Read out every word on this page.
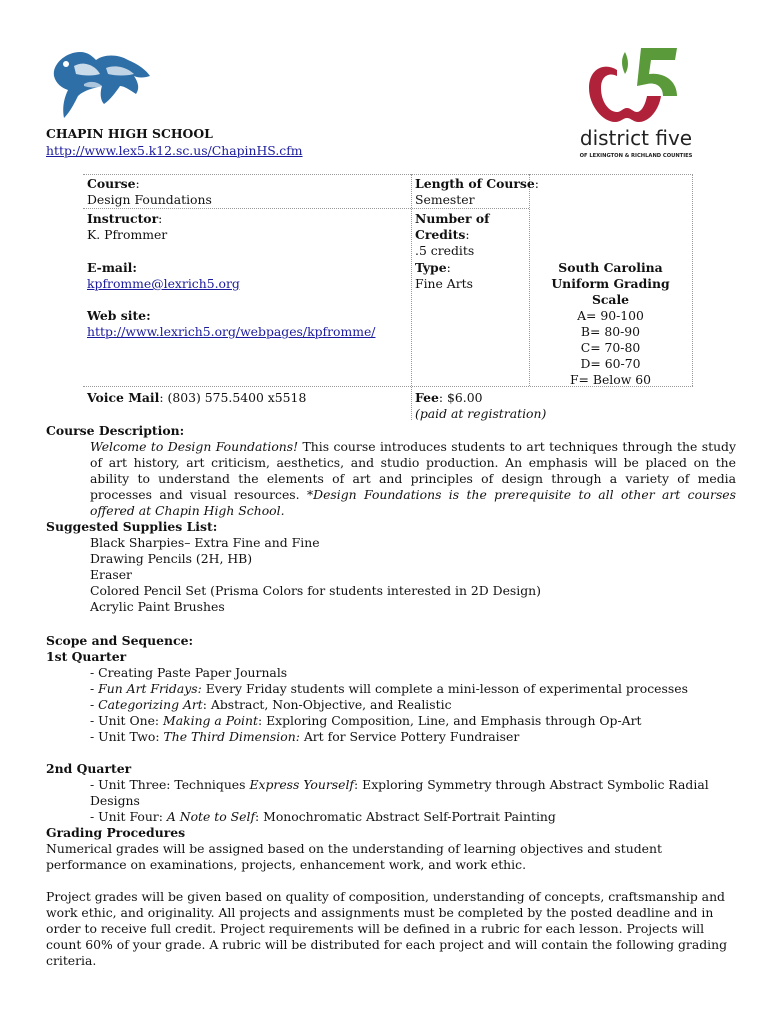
district five
OF LEXINGTON & RICHLAND COUNTIES
CHAPIN HIGH SCHOOL
http://www.lex5.k12.sc.us/ChapinHS.cfm
Course:
Design Foundations
Instructor:
K. Pfrommer
E-mail:
kpfromme@lexrich5.org
Web site:
http://www.lexrich5.org/webpages/kpfromme/
Voice Mail: (803) 575.5400 x5518
Length of Course:
Semester
Number of
Credits:
.5 credits
Type:
Fine Arts
Fee: $6.00
(paid at registration)
South Carolina
Uniform Grading
Scale
A= 90-100
B= 80-90
C= 70-80
D= 60-70
F= Below 60
Course Description:

Welcome to Design Foundations! This course introduces students to art techniques through the study of art history, art criticism, aesthetics, and studio production. An emphasis will be placed on the ability to understand the elements of art and principles of design through a variety of media processes and visual resources. *Design Foundations is the prerequisite to all other art courses offered at Chapin High School.

Suggested Supplies List:
Black Sharpies– Extra Fine and Fine
Drawing Pencils (2H, HB)
Eraser
Colored Pencil Set (Prisma Colors for students interested in 2D Design)
Acrylic Paint Brushes
Scope and Sequence:
1st Quarter
- Creating Paste Paper Journals
- Fun Art Fridays: Every Friday students will complete a mini-lesson of experimental processes
- Categorizing Art: Abstract, Non-Objective, and Realistic
- Unit One: Making a Point: Exploring Composition, Line, and Emphasis through Op-Art
- Unit Two: The Third Dimension: Art for Service Pottery Fundraiser
2nd Quarter
- Unit Three: Techniques Express Yourself: Exploring Symmetry through Abstract Symbolic Radial Designs
- Unit Four: A Note to Self: Monochromatic Abstract Self-Portrait Painting
Grading Procedures

Numerical grades will be assigned based on the understanding of learning objectives and student performance on examinations, projects, enhancement work, and work ethic.

Project grades will be given based on quality of composition, understanding of concepts, craftsmanship and work ethic, and originality. All projects and assignments must be completed by the posted deadline and in order to receive full credit. Project requirements will be defined in a rubric for each lesson. Projects will count 60% of your grade. A rubric will be distributed for each project and will contain the following grading criteria.
